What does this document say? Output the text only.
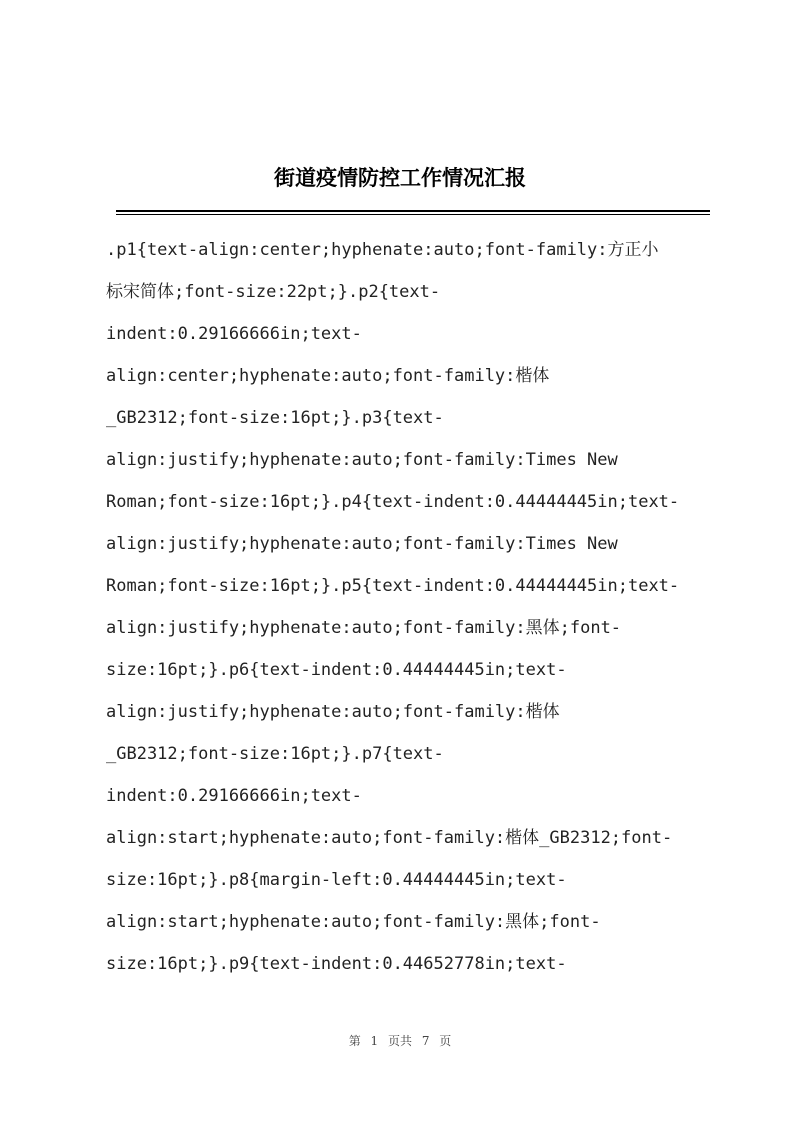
街道疫情防控工作情况汇报
.p1{text-align:center;hyphenate:auto;font-family:方正小
标宋简体;font-size:22pt;}.p2{text-
indent:0.29166666in;text-
align:center;hyphenate:auto;font-family:楷体
_GB2312;font-size:16pt;}.p3{text-
align:justify;hyphenate:auto;font-family:Times New
Roman;font-size:16pt;}.p4{text-indent:0.44444445in;text-
align:justify;hyphenate:auto;font-family:Times New
Roman;font-size:16pt;}.p5{text-indent:0.44444445in;text-
align:justify;hyphenate:auto;font-family:黑体;font-
size:16pt;}.p6{text-indent:0.44444445in;text-
align:justify;hyphenate:auto;font-family:楷体
_GB2312;font-size:16pt;}.p7{text-
indent:0.29166666in;text-
align:start;hyphenate:auto;font-family:楷体_GB2312;font-
size:16pt;}.p8{margin-left:0.44444445in;text-
align:start;hyphenate:auto;font-family:黑体;font-
size:16pt;}.p9{text-indent:0.44652778in;text-
第 1 页共 7 页
